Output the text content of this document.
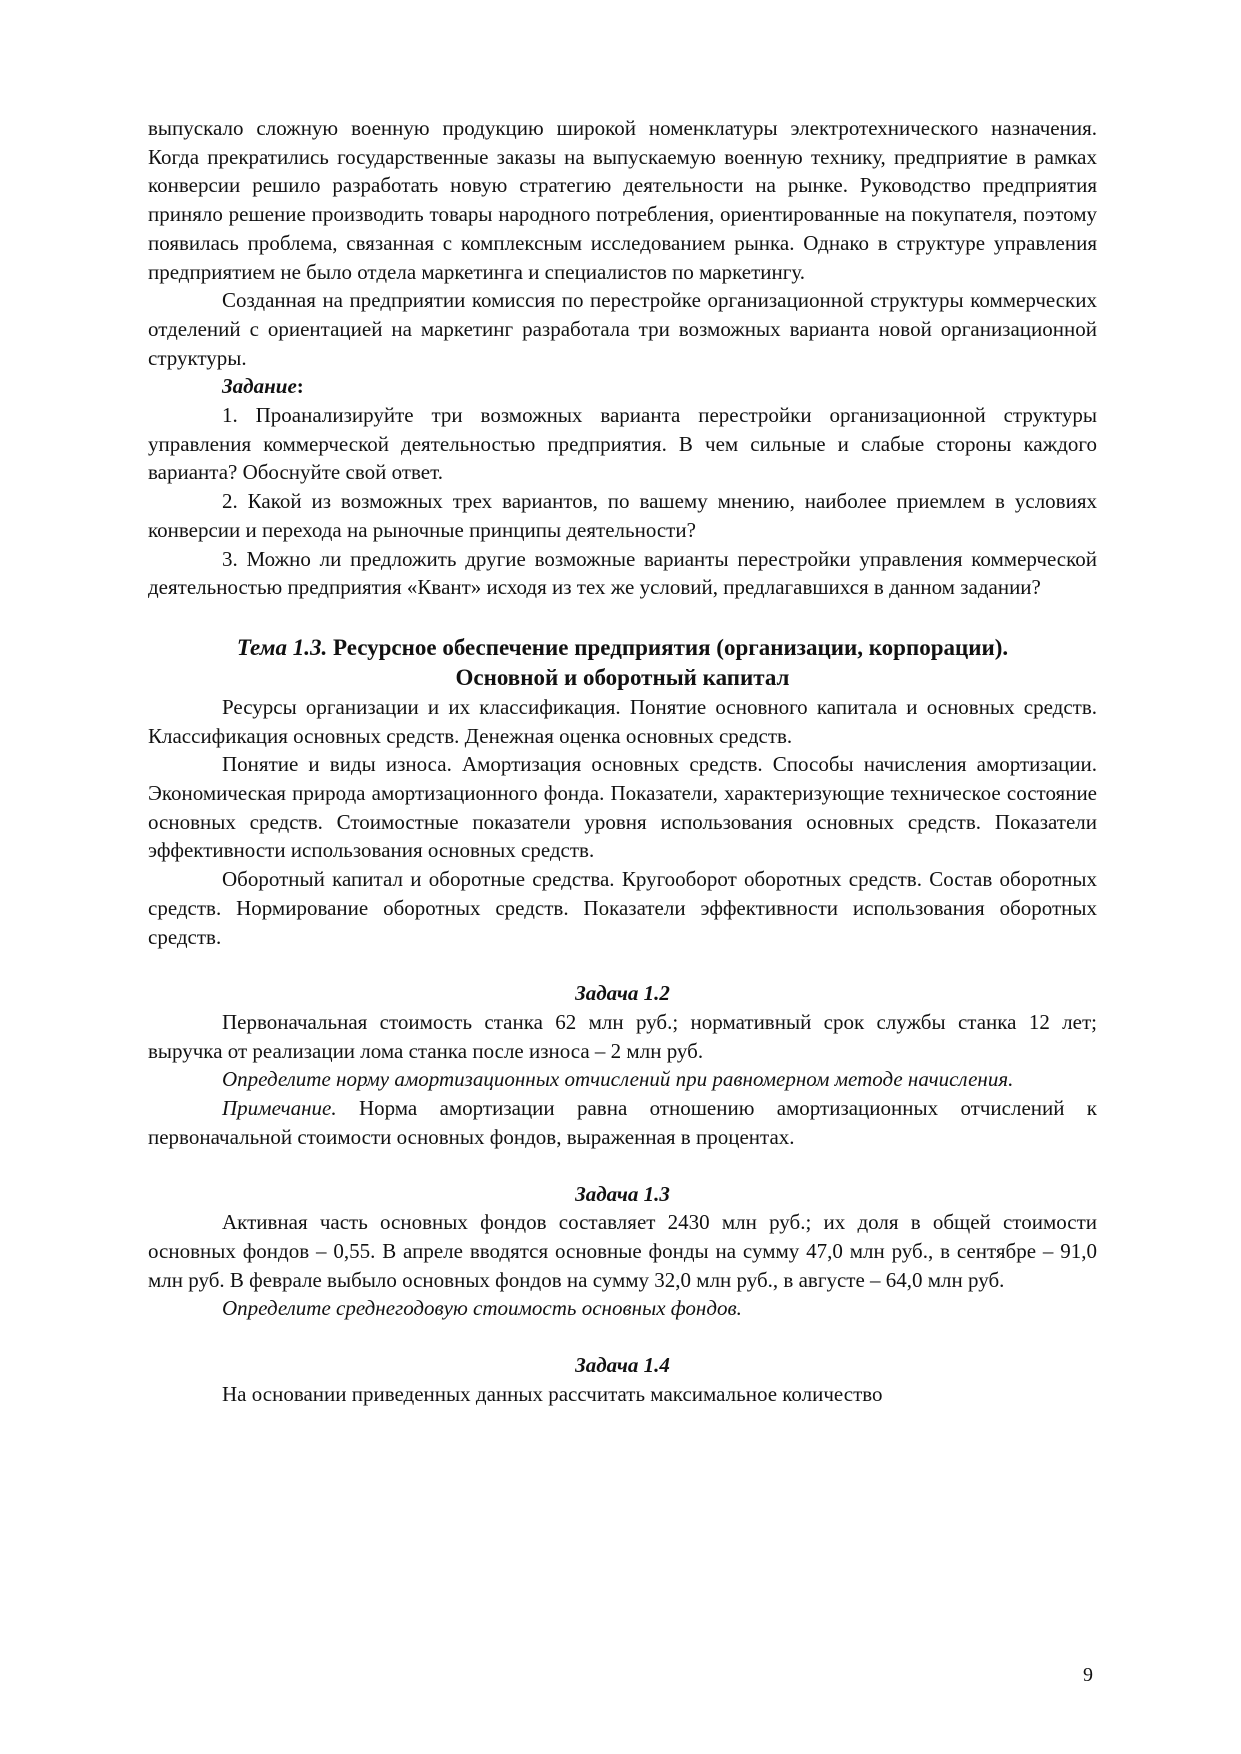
выпускало сложную военную продукцию широкой номенклатуры электротехнического назначения. Когда прекратились государственные заказы на выпускаемую военную технику, предприятие в рамках конверсии решило разработать новую стратегию деятельности на рынке. Руководство предприятия приняло решение производить товары народного потребления, ориентированные на покупателя, поэтому появилась проблема, связанная с комплексным исследованием рынка. Однако в структуре управления предприятием не было отдела маркетинга и специалистов по маркетингу.

Созданная на предприятии комиссия по перестройке организационной структуры коммерческих отделений с ориентацией на маркетинг разработала три возможных варианта новой организационной структуры.

Задание:

1. Проанализируйте три возможных варианта перестройки организационной структуры управления коммерческой деятельностью предприятия. В чем сильные и слабые стороны каждого варианта? Обоснуйте свой ответ.

2. Какой из возможных трех вариантов, по вашему мнению, наиболее приемлем в условиях конверсии и перехода на рыночные принципы деятельности?

3. Можно ли предложить другие возможные варианты перестройки управления коммерческой деятельностью предприятия «Квант» исходя из тех же условий, предлагавшихся в данном задании?

Тема 1.3. Ресурсное обеспечение предприятия (организации, корпорации).
Основной и оборотный капитал

Ресурсы организации и их классификация. Понятие основного капитала и основных средств. Классификация основных средств. Денежная оценка основных средств.

Понятие и виды износа. Амортизация основных средств. Способы начисления амортизации. Экономическая природа амортизационного фонда. Показатели, характеризующие техническое состояние основных средств. Стоимостные показатели уровня использования основных средств. Показатели эффективности использования основных средств.

Оборотный капитал и оборотные средства. Кругооборот оборотных средств. Состав оборотных средств. Нормирование оборотных средств. Показатели эффективности использования оборотных средств.

Задача 1.2

Первоначальная стоимость станка 62 млн руб.; нормативный срок службы станка 12 лет; выручка от реализации лома станка после износа – 2 млн руб.

Определите норму амортизационных отчислений при равномерном методе начисления.

Примечание. Норма амортизации равна отношению амортизационных отчислений к первоначальной стоимости основных фондов, выраженная в процентах.

Задача 1.3

Активная часть основных фондов составляет 2430 млн руб.; их доля в общей стоимости основных фондов – 0,55. В апреле вводятся основные фонды на сумму 47,0 млн руб., в сентябре – 91,0 млн руб. В феврале выбыло основных фондов на сумму 32,0 млн руб., в августе – 64,0 млн руб.

Определите среднегодовую стоимость основных фондов.

Задача 1.4

На основании приведенных данных рассчитать максимальное количество

9
